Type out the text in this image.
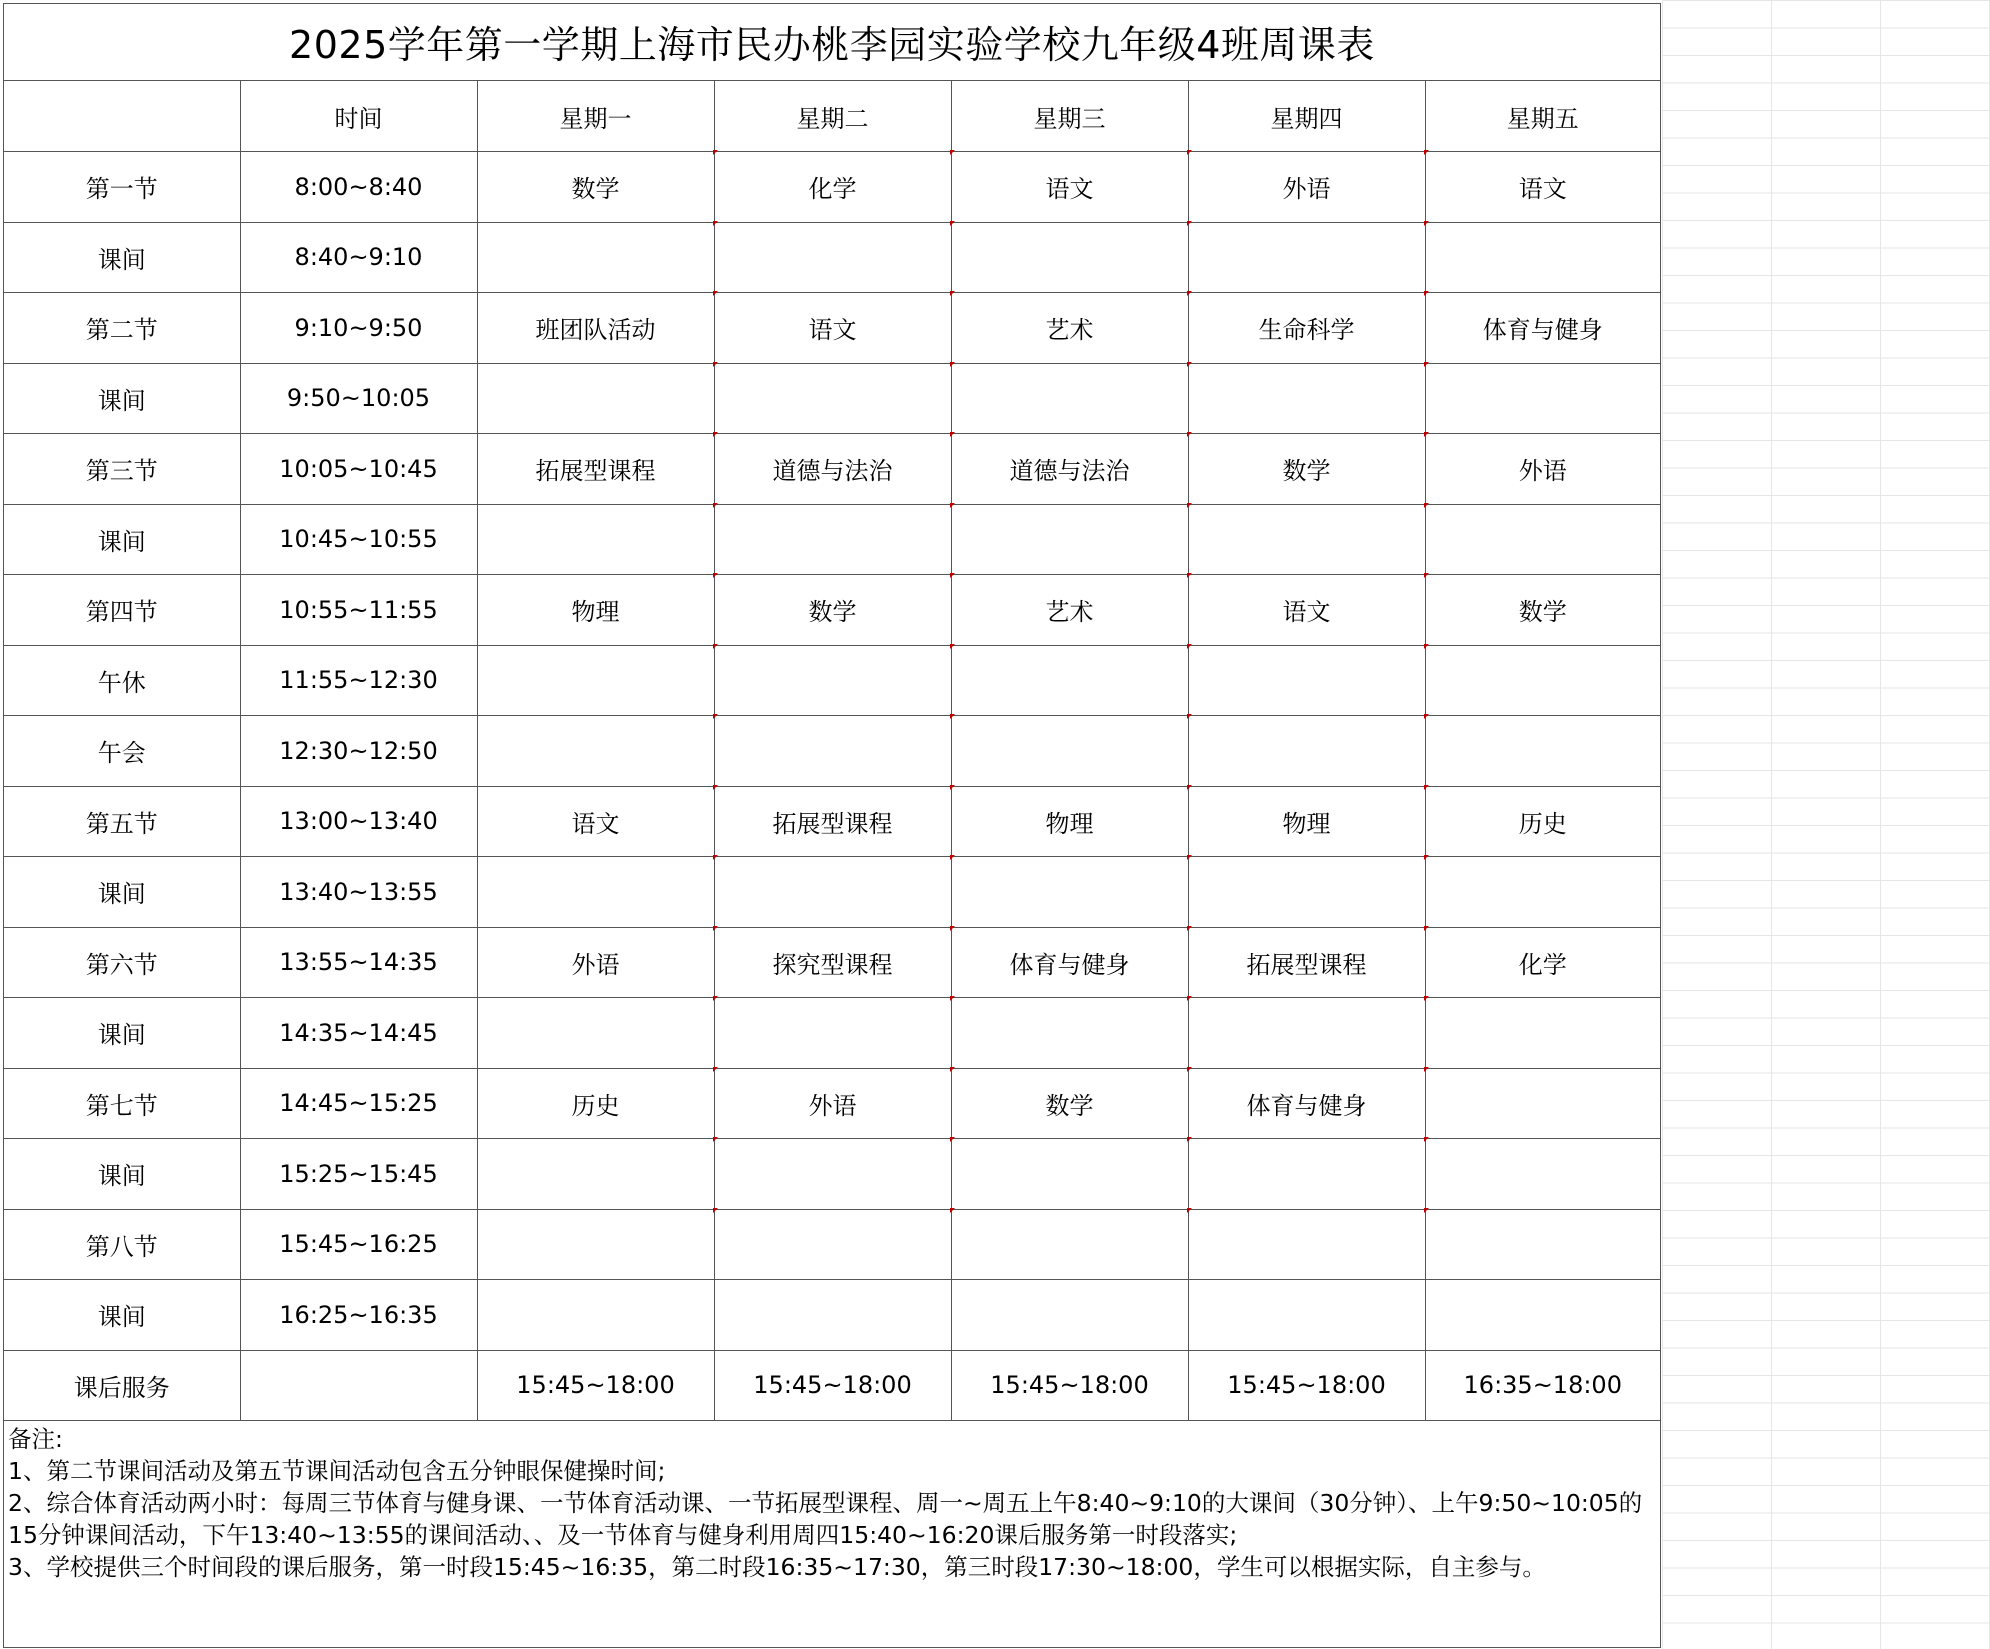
2025学年第一学期上海市民办桃李园实验学校九年级4班周课表
	时间	星期一	星期二	星期三	星期四	星期五
第一节	8:00~8:40	数学	化学	语文	外语	语文
课间	8:40~9:10					
第二节	9:10~9:50	班团队活动	语文	艺术	生命科学	体育与健身
课间	9:50~10:05					
第三节	10:05~10:45	拓展型课程	道德与法治	道德与法治	数学	外语
课间	10:45~10:55					
第四节	10:55~11:55	物理	数学	艺术	语文	数学
午休	11:55~12:30					
午会	12:30~12:50					
第五节	13:00~13:40	语文	拓展型课程	物理	物理	历史
课间	13:40~13:55					
第六节	13:55~14:35	外语	探究型课程	体育与健身	拓展型课程	化学
课间	14:35~14:45					
第七节	14:45~15:25	历史	外语	数学	体育与健身	
课间	15:25~15:45					
第八节	15:45~16:25					
课间	16:25~16:35					
课后服务		15:45~18:00	15:45~18:00	15:45~18:00	15:45~18:00	16:35~18:00
备注:
1、第二节课间活动及第五节课间活动包含五分钟眼保健操时间;
2、综合体育活动两小时：每周三节体育与健身课、一节体育活动课、一节拓展型课程、周一~周五上午8:40~9:10的大课间（30分钟）、上午9:50~10:05的15分钟课间活动，下午13:40~13:55的课间活动、、及一节体育与健身利用周四15:40~16:20课后服务第一时段落实;
3、学校提供三个时间段的课后服务，第一时段15:45~16:35，第二时段16:35~17:30，第三时段17:30~18:00，学生可以根据实际，自主参与。
